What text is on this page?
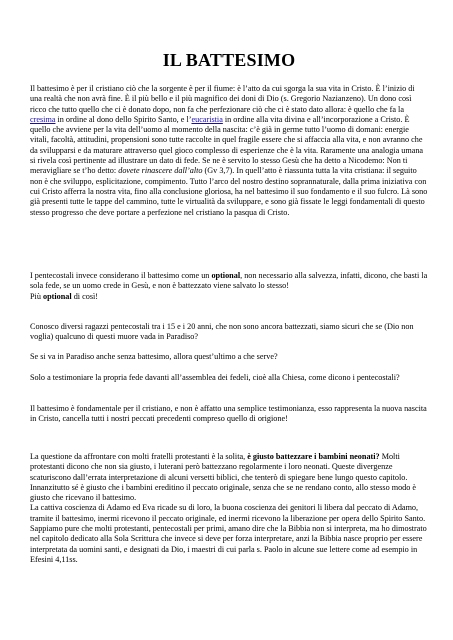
IL BATTESIMO

Il battesimo è per il cristiano ciò che la sorgente è per il fiume: è l’atto da cui sgorga la sua vita in Cristo. È l’inizio di una realtà che non avrà fine. È il più bello e il più magnifico dei doni di Dio (s. Gregorio Nazianzeno). Un dono così ricco che tutto quello che ci è donato dopo, non fa che perfezionare ciò che ci è stato dato allora: è quello che fa la cresima in ordine al dono dello Spirito Santo, e l’eucaristia in ordine alla vita divina e all’incorporazione a Cristo. È quello che avviene per la vita dell’uomo al momento della nascita: c’è già in germe tutto l’uomo di domani: energie vitali, facoltà, attitudini, propensioni sono tutte raccolte in quel fragile essere che si affaccia alla vita, e non avranno che da svilupparsi e da maturare attraverso quel gioco complesso di esperienze che è la vita. Raramente una analogia umana si rivela così pertinente ad illustrare un dato di fede. Se ne è servito lo stesso Gesù che ha detto a Nicodemo: Non ti meravigliare se t’ho detto: dovete rinascere dall’alto (Gv 3,7). In quell’atto è riassunta tutta la vita cristiana: il seguito non è che sviluppo, esplicitazione, compimento. Tutto l’arco del nostro destino soprannaturale, dalla prima iniziativa con cui Cristo afferra la nostra vita, fino alla conclusione gloriosa, ha nel battesimo il suo fondamento e il suo fulcro. Là sono già presenti tutte le tappe del cammino, tutte le virtualità da sviluppare, e sono già fissate le leggi fondamentali di questo stesso progresso che deve portare a perfezione nel cristiano la pasqua di Cristo.

I pentecostali invece considerano il battesimo come un optional, non necessario alla salvezza, infatti, dicono, che basti la sola fede, se un uomo crede in Gesù, e non è battezzato viene salvato lo stesso!
Più optional di così!

Conosco diversi ragazzi pentecostali tra i 15 e i 20 anni, che non sono ancora battezzati, siamo sicuri che se (Dio non voglia) qualcuno di questi muore vada in Paradiso?

Se si va in Paradiso anche senza battesimo, allora quest’ultimo a che serve?

Solo a testimoniare la propria fede davanti all’assemblea dei fedeli, cioè alla Chiesa, come dicono i pentecostali?

Il battesimo è fondamentale per il cristiano, e non è affatto una semplice testimonianza, esso rappresenta la nuova nascita in Cristo, cancella tutti i nostri peccati precedenti compreso quello di origione!

La questione da affrontare con molti fratelli protestanti è la solita, è giusto battezzare i bambini neonati? Molti protestanti dicono che non sia giusto, i luterani però battezzano regolarmente i loro neonati. Queste divergenze scaturiscono dall’errata interpretazione di alcuni versetti biblici, che tenterò di spiegare bene lungo questo capitolo. Innanzitutto sé è giusto che i bambini ereditino il peccato originale, senza che se ne rendano conto, allo stesso modo è giusto che ricevano il battesimo.
La cattiva coscienza di Adamo ed Eva ricade su di loro, la buona coscienza dei genitori li libera dal peccato di Adamo, tramite il battesimo, inermi ricevono il peccato originale, ed inermi ricevono la liberazione per opera dello Spirito Santo.
Sappiamo pure che molti protestanti, pentecostali per primi, amano dire che la Bibbia non si interpreta, ma ho dimostrato nel capitolo dedicato alla Sola Scrittura che invece si deve per forza interpretare, anzi la Bibbia nasce proprio per essere interpretata da uomini santi, e designati da Dio, i maestri di cui parla s. Paolo in alcune sue lettere come ad esempio in Efesini 4,11ss.
